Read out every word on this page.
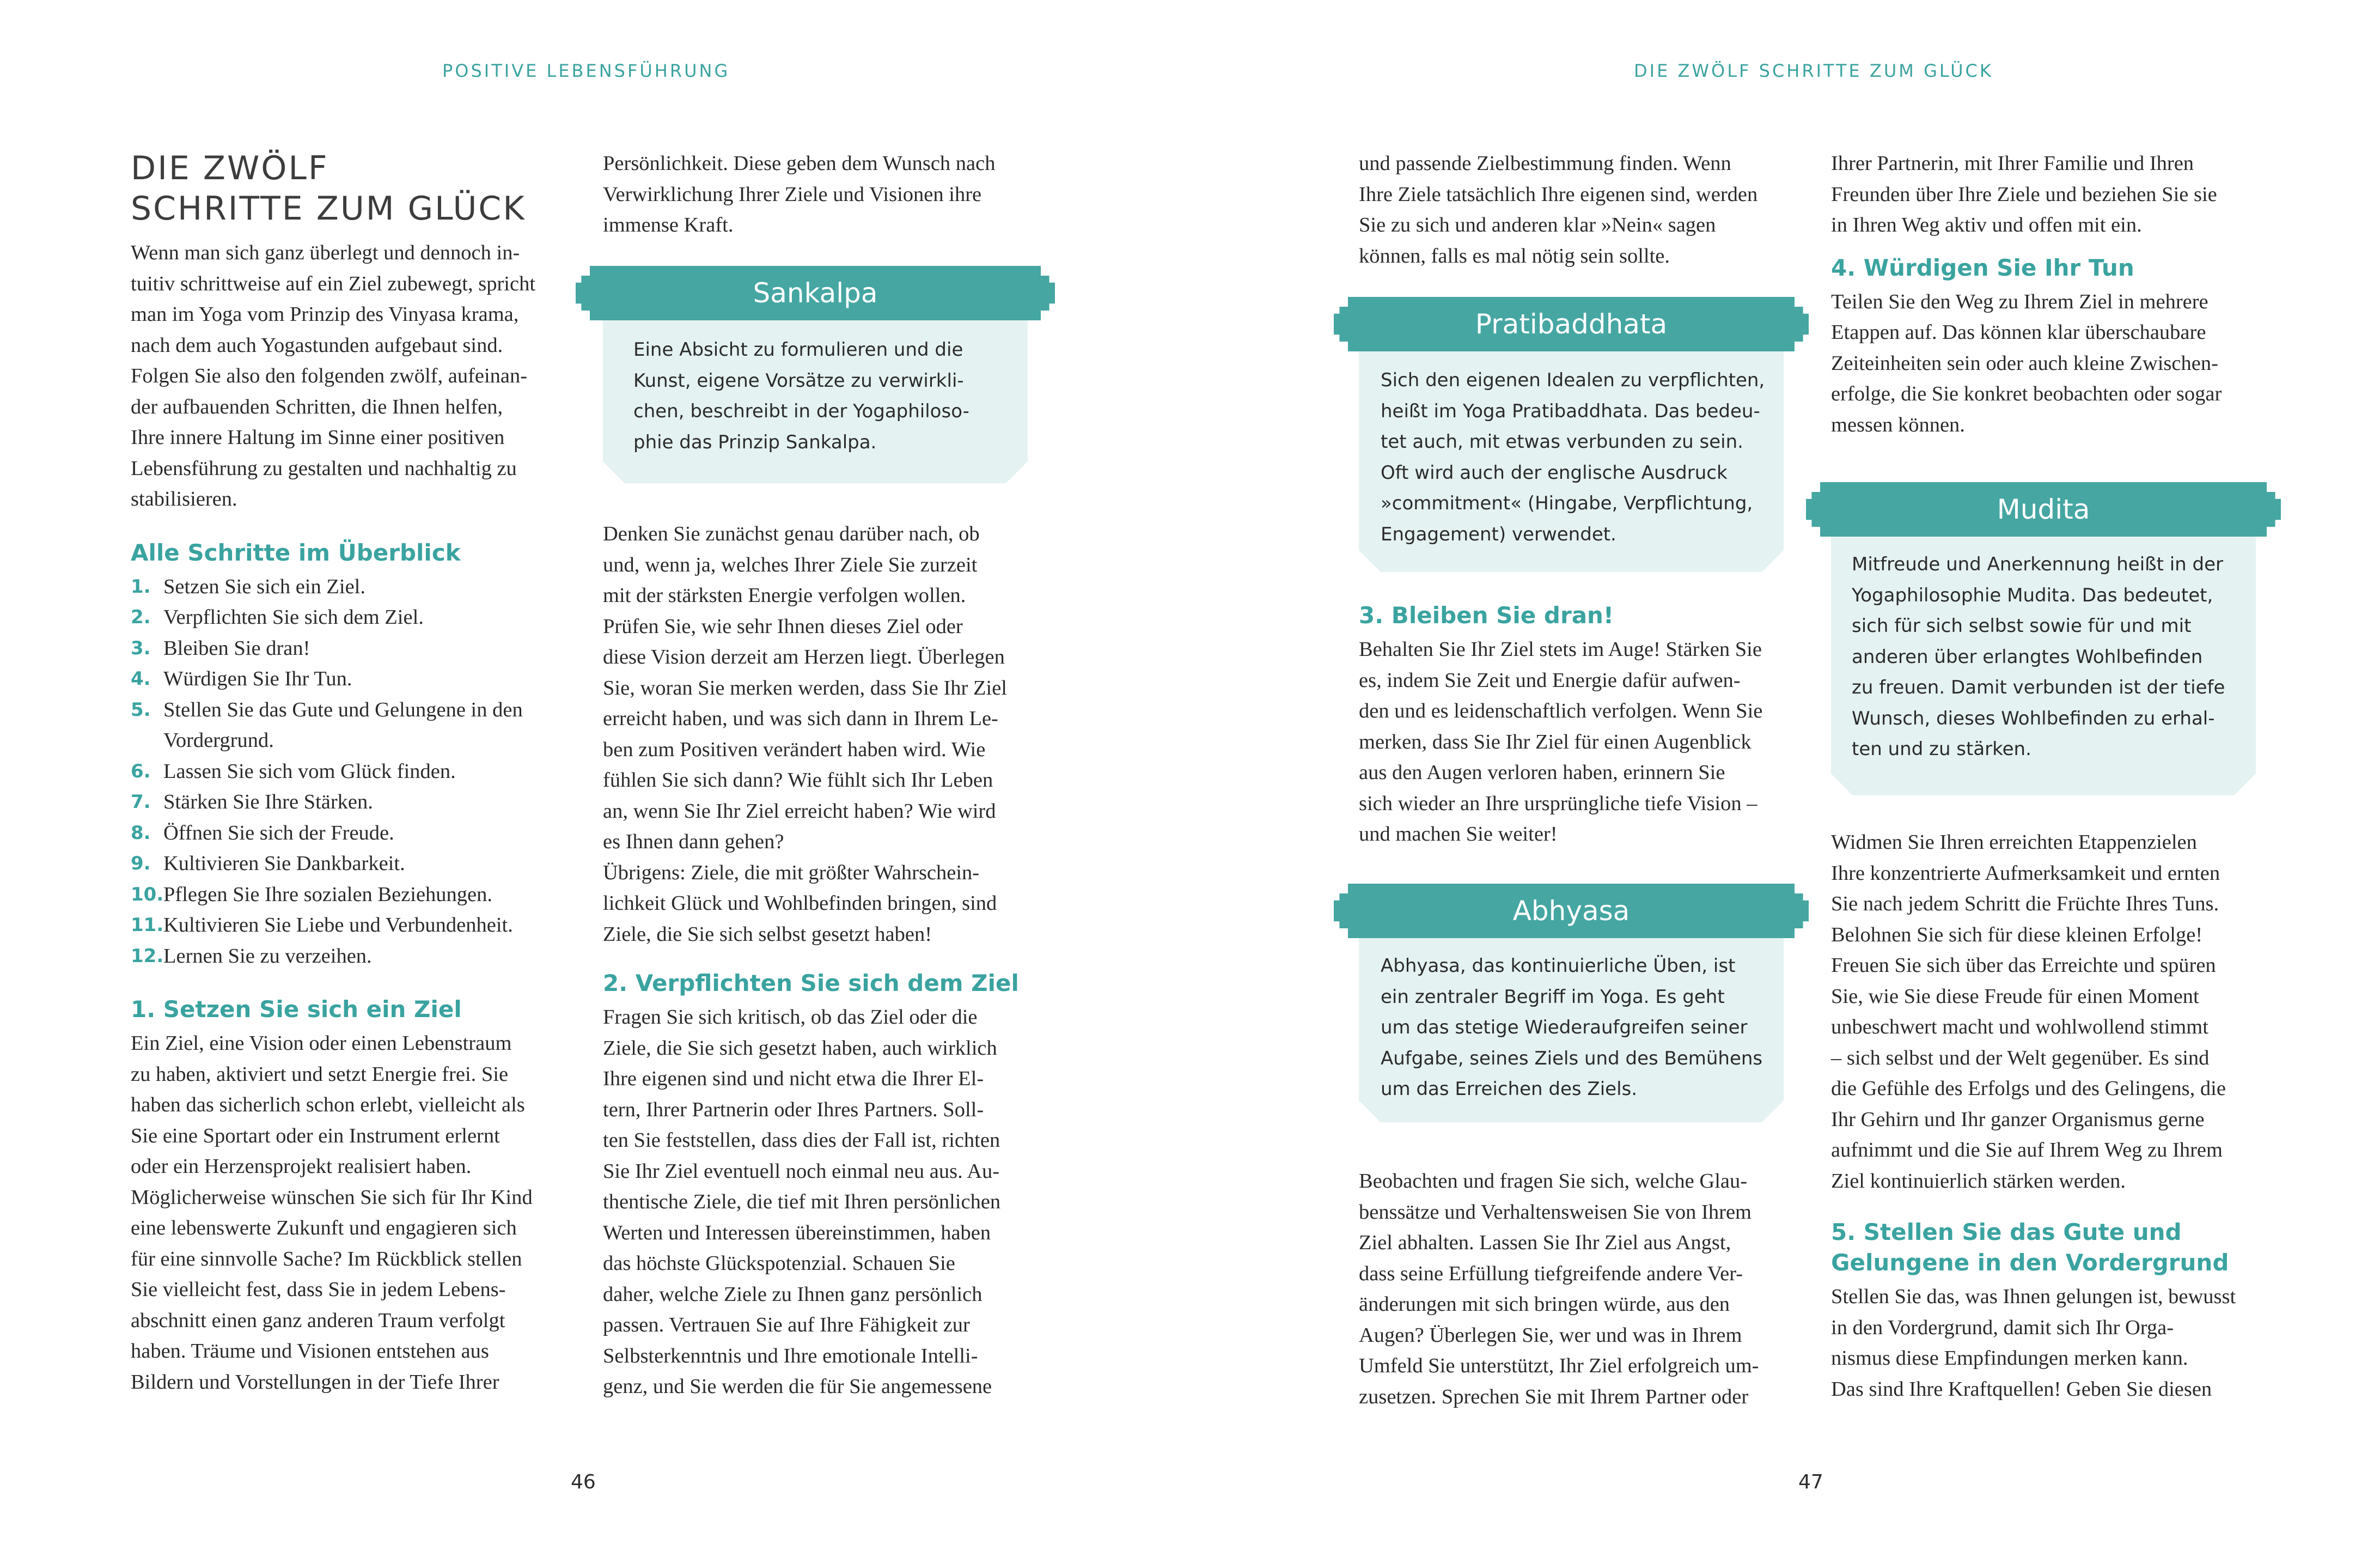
POSITIVE LEBENSFÜHRUNG	DIE ZWÖLF SCHRITTE ZUM GLÜCK
DIE ZWÖLF
SCHRITTE ZUM GLÜCK

Wenn man sich ganz überlegt und dennoch in-
tuitiv schrittweise auf ein Ziel zubewegt, spricht
man im Yoga vom Prinzip des Vinyasa krama,
nach dem auch Yogastunden aufgebaut sind.
Folgen Sie also den folgenden zwölf, aufeinan-
der aufbauenden Schritten, die Ihnen helfen,
Ihre innere Haltung im Sinne einer positiven
Lebensführung zu gestalten und nachhaltig zu
stabilisieren.

Alle Schritte im Überblick
1. Setzen Sie sich ein Ziel.
2. Verpflichten Sie sich dem Ziel.
3. Bleiben Sie dran!
4. Würdigen Sie Ihr Tun.
5. Stellen Sie das Gute und Gelungene in den
Vordergrund.
6. Lassen Sie sich vom Glück finden.
7. Stärken Sie Ihre Stärken.
8. Öffnen Sie sich der Freude.
9. Kultivieren Sie Dankbarkeit.
10. Pflegen Sie Ihre sozialen Beziehungen.
11. Kultivieren Sie Liebe und Verbundenheit.
12. Lernen Sie zu verzeihen.
1. Setzen Sie sich ein Ziel

Ein Ziel, eine Vision oder einen Lebenstraum
zu haben, aktiviert und setzt Energie frei. Sie
haben das sicherlich schon erlebt, vielleicht als
Sie eine Sportart oder ein Instrument erlernt
oder ein Herzensprojekt realisiert haben.
Möglicherweise wünschen Sie sich für Ihr Kind
eine lebenswerte Zukunft und engagieren sich
für eine sinnvolle Sache? Im Rückblick stellen
Sie vielleicht fest, dass Sie in jedem Lebens-
abschnitt einen ganz anderen Traum verfolgt
haben. Träume und Visionen entstehen aus
Bildern und Vorstellungen in der Tiefe Ihrer

Persönlichkeit. Diese geben dem Wunsch nach
Verwirklichung Ihrer Ziele und Visionen ihre
immense Kraft.

Sankalpa
Eine Absicht zu formulieren und die
Kunst, eigene Vorsätze zu verwirkli-
chen, beschreibt in der Yogaphiloso-
phie das Prinzip Sankalpa.

Denken Sie zunächst genau darüber nach, ob
und, wenn ja, welches Ihrer Ziele Sie zurzeit
mit der stärksten Energie verfolgen wollen.
Prüfen Sie, wie sehr Ihnen dieses Ziel oder
diese Vision derzeit am Herzen liegt. Überlegen
Sie, woran Sie merken werden, dass Sie Ihr Ziel
erreicht haben, und was sich dann in Ihrem Le-
ben zum Positiven verändert haben wird. Wie
fühlen Sie sich dann? Wie fühlt sich Ihr Leben
an, wenn Sie Ihr Ziel erreicht haben? Wie wird
es Ihnen dann gehen?
Übrigens: Ziele, die mit größter Wahrschein-
lichkeit Glück und Wohlbefinden bringen, sind
Ziele, die Sie sich selbst gesetzt haben!

2. Verpflichten Sie sich dem Ziel

Fragen Sie sich kritisch, ob das Ziel oder die
Ziele, die Sie sich gesetzt haben, auch wirklich
Ihre eigenen sind und nicht etwa die Ihrer El-
tern, Ihrer Partnerin oder Ihres Partners. Soll-
ten Sie feststellen, dass dies der Fall ist, richten
Sie Ihr Ziel eventuell noch einmal neu aus. Au-
thentische Ziele, die tief mit Ihren persönlichen
Werten und Interessen übereinstimmen, haben
das höchste Glückspotenzial. Schauen Sie
daher, welche Ziele zu Ihnen ganz persönlich
passen. Vertrauen Sie auf Ihre Fähigkeit zur
Selbsterkenntnis und Ihre emotionale Intelli-
genz, und Sie werden die für Sie angemessene

und passende Zielbestimmung finden. Wenn
Ihre Ziele tatsächlich Ihre eigenen sind, werden
Sie zu sich und anderen klar »Nein« sagen
können, falls es mal nötig sein sollte.

Pratibaddhata
Sich den eigenen Idealen zu verpflichten,
heißt im Yoga Pratibaddhata. Das bedeu-
tet auch, mit etwas verbunden zu sein.
Oft wird auch der englische Ausdruck
»commitment« (Hingabe, Verpflichtung,
Engagement) verwendet.
3. Bleiben Sie dran!

Behalten Sie Ihr Ziel stets im Auge! Stärken Sie
es, indem Sie Zeit und Energie dafür aufwen-
den und es leidenschaftlich verfolgen. Wenn Sie
merken, dass Sie Ihr Ziel für einen Augenblick
aus den Augen verloren haben, erinnern Sie
sich wieder an Ihre ursprüngliche tiefe Vision –
und machen Sie weiter!

Abhyasa
Abhyasa, das kontinuierliche Üben, ist
ein zentraler Begriff im Yoga. Es geht
um das stetige Wiederaufgreifen seiner
Aufgabe, seines Ziels und des Bemühens
um das Erreichen des Ziels.

Beobachten und fragen Sie sich, welche Glau-
benssätze und Verhaltensweisen Sie von Ihrem
Ziel abhalten. Lassen Sie Ihr Ziel aus Angst,
dass seine Erfüllung tiefgreifende andere Ver-
änderungen mit sich bringen würde, aus den
Augen? Überlegen Sie, wer und was in Ihrem
Umfeld Sie unterstützt, Ihr Ziel erfolgreich um-
zusetzen. Sprechen Sie mit Ihrem Partner oder

Ihrer Partnerin, mit Ihrer Familie und Ihren
Freunden über Ihre Ziele und beziehen Sie sie
in Ihren Weg aktiv und offen mit ein.

4. Würdigen Sie Ihr Tun

Teilen Sie den Weg zu Ihrem Ziel in mehrere
Etappen auf. Das können klar überschaubare
Zeiteinheiten sein oder auch kleine Zwischen-
erfolge, die Sie konkret beobachten oder sogar
messen können.

Mudita
Mitfreude und Anerkennung heißt in der
Yogaphilosophie Mudita. Das bedeutet,
sich für sich selbst sowie für und mit
anderen über erlangtes Wohlbefinden
zu freuen. Damit verbunden ist der tiefe
Wunsch, dieses Wohlbefinden zu erhal-
ten und zu stärken.

Widmen Sie Ihren erreichten Etappenzielen
Ihre konzentrierte Aufmerksamkeit und ernten
Sie nach jedem Schritt die Früchte Ihres Tuns.
Belohnen Sie sich für diese kleinen Erfolge!
Freuen Sie sich über das Erreichte und spüren
Sie, wie Sie diese Freude für einen Moment
unbeschwert macht und wohlwollend stimmt
– sich selbst und der Welt gegenüber. Es sind
die Gefühle des Erfolgs und des Gelingens, die
Ihr Gehirn und Ihr ganzer Organismus gerne
aufnimmt und die Sie auf Ihrem Weg zu Ihrem
Ziel kontinuierlich stärken werden.

5. Stellen Sie das Gute und
Gelungene in den Vordergrund

Stellen Sie das, was Ihnen gelungen ist, bewusst
in den Vordergrund, damit sich Ihr Orga-
nismus diese Empfindungen merken kann.
Das sind Ihre Kraftquellen! Geben Sie diesen

46	47
